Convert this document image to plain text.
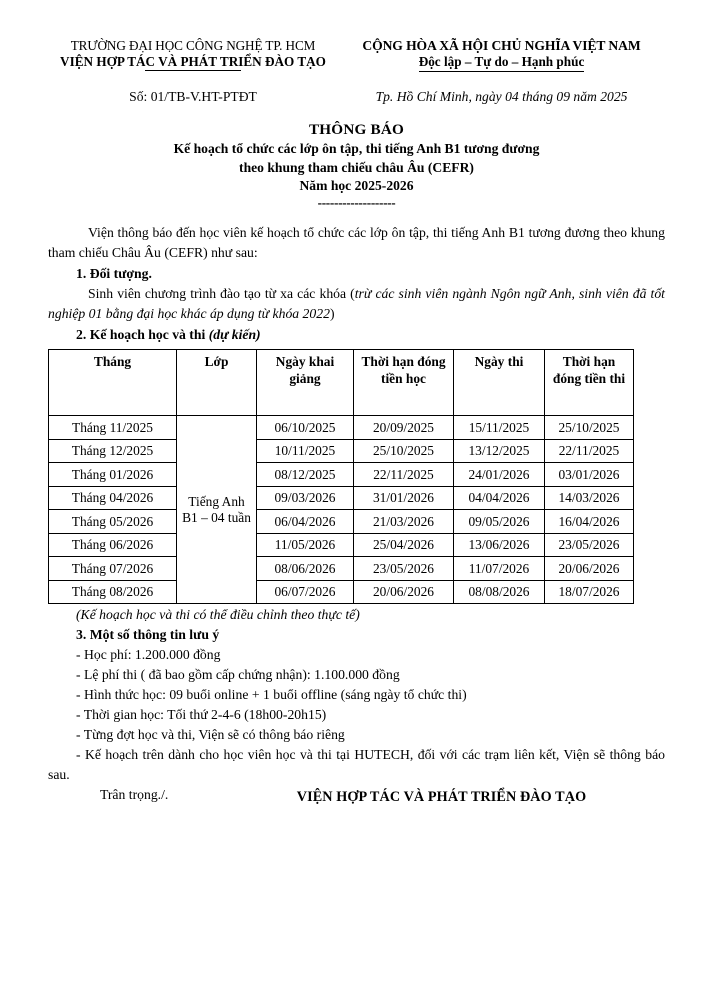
TRƯỜNG ĐẠI HỌC CÔNG NGHỆ TP. HCM
VIỆN HỢP TÁC VÀ PHÁT TRIỂN ĐÀO TẠO
CỘNG HÒA XÃ HỘI CHỦ NGHĨA VIỆT NAM
Độc lập – Tự do – Hạnh phúc
Số: 01/TB-V.HT-PTĐT	Tp. Hồ Chí Minh, ngày 04 tháng 09 năm 2025
THÔNG BÁO
Kế hoạch tổ chức các lớp ôn tập, thi tiếng Anh B1 tương đương
theo khung tham chiếu châu Âu (CEFR)
Năm học 2025-2026
-------------------
Viện thông báo đến học viên kế hoạch tổ chức các lớp ôn tập, thi tiếng Anh B1 tương đương theo khung tham chiếu Châu Âu (CEFR) như sau:
1. Đối tượng.
Sinh viên chương trình đào tạo từ xa các khóa (trừ các sinh viên ngành Ngôn ngữ Anh, sinh viên đã tốt nghiệp 01 bằng đại học khác áp dụng từ khóa 2022)
2. Kế hoạch học và thi (dự kiến)
Tháng	Lớp	Ngày khai giảng	Thời hạn đóng tiền học	Ngày thi	Thời hạn đóng tiền thi
Tháng 11/2025	Tiếng Anh B1 – 04 tuần	06/10/2025	20/09/2025	15/11/2025	25/10/2025
Tháng 12/2025		10/11/2025	25/10/2025	13/12/2025	22/11/2025
Tháng 01/2026		08/12/2025	22/11/2025	24/01/2026	03/01/2026
Tháng 04/2026		09/03/2026	31/01/2026	04/04/2026	14/03/2026
Tháng 05/2026		06/04/2026	21/03/2026	09/05/2026	16/04/2026
Tháng 06/2026		11/05/2026	25/04/2026	13/06/2026	23/05/2026
Tháng 07/2026		08/06/2026	23/05/2026	11/07/2026	20/06/2026
Tháng 08/2026		06/07/2026	20/06/2026	08/08/2026	18/07/2026
(Kế hoạch học và thi có thể điều chỉnh theo thực tế)
3. Một số thông tin lưu ý
- Học phí: 1.200.000 đồng
- Lệ phí thi ( đã bao gồm cấp chứng nhận): 1.100.000 đồng
- Hình thức học: 09 buổi online + 1 buổi offline (sáng ngày tổ chức thi)
- Thời gian học: Tối thứ 2-4-6 (18h00-20h15)
- Từng đợt học và thi, Viện sẽ có thông báo riêng
- Kế hoạch trên dành cho học viên học và thi tại HUTECH, đối với các trạm liên kết, Viện sẽ thông báo sau.
Trân trọng./.	VIỆN HỢP TÁC VÀ PHÁT TRIỂN ĐÀO TẠO
